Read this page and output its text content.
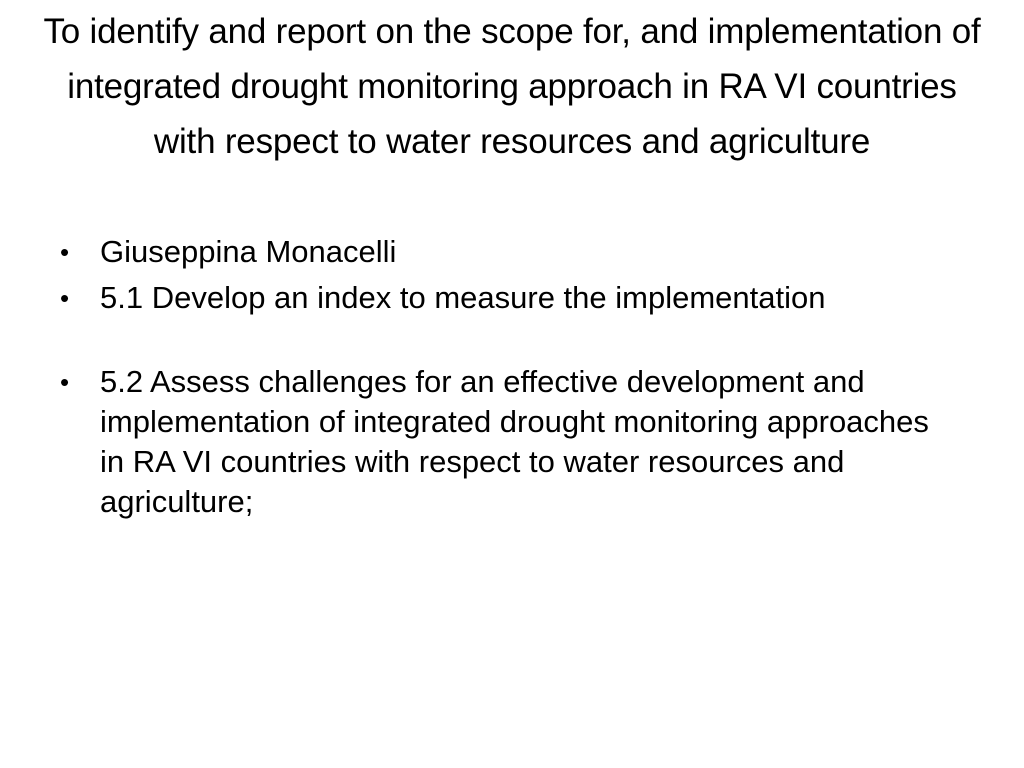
To identify and report on the scope for, and implementation of integrated drought monitoring approach in RA VI countries with respect to water resources and agriculture
• Giuseppina Monacelli
• 5.1 Develop an index to measure the implementation
• 5.2 Assess challenges for an effective development and implementation of integrated drought monitoring approaches in RA VI countries with respect to water resources and agriculture;
